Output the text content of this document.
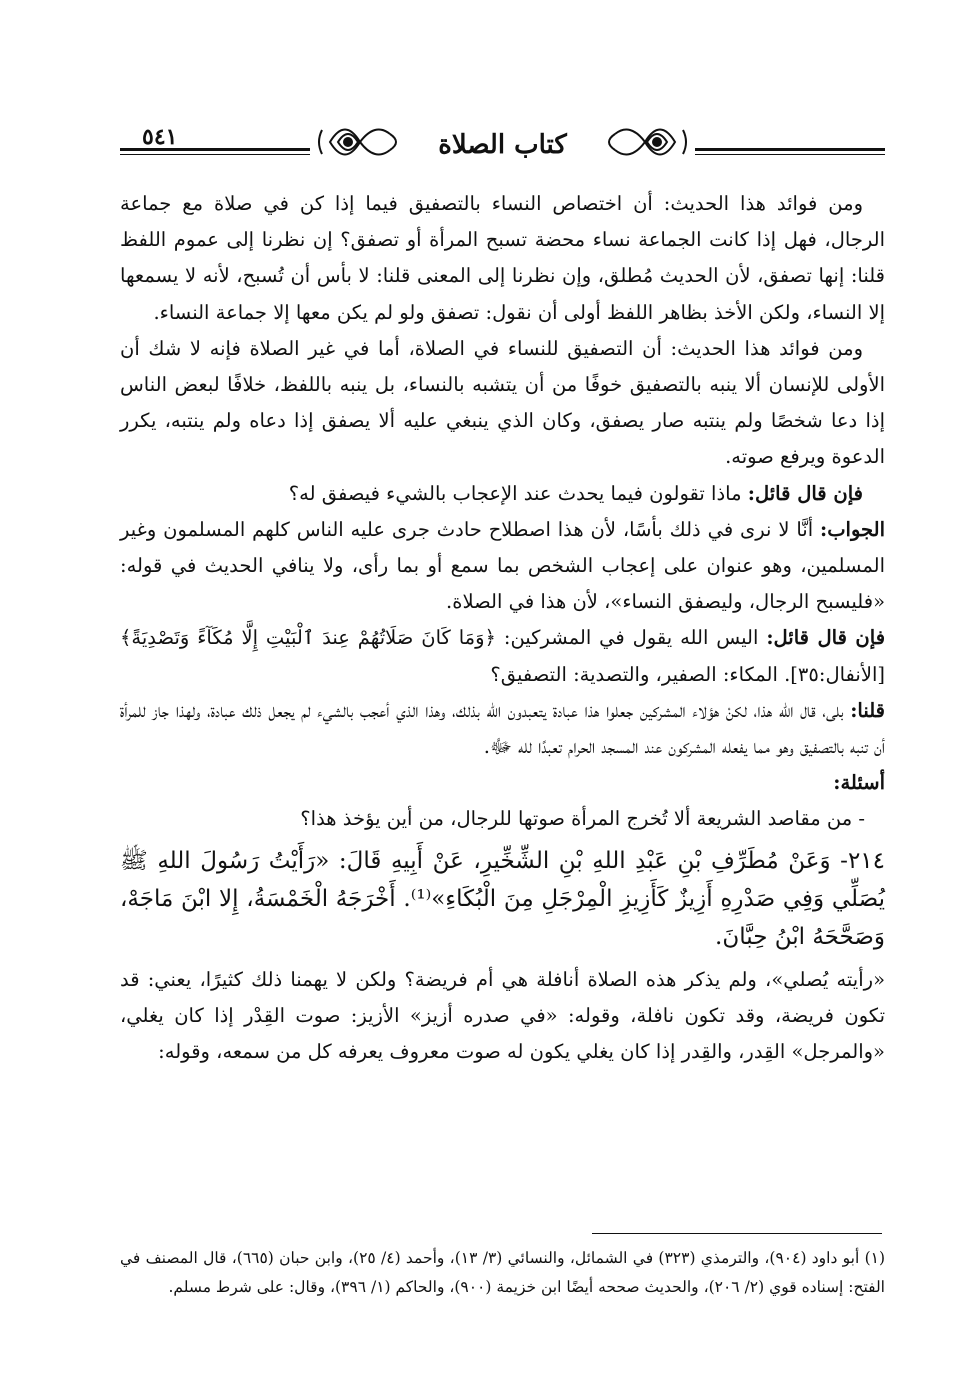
كتاب الصلاة
٥٤١

ومن فوائد هذا الحديث: أن اختصاص النساء بالتصفيق فيما إذا كن في صلاة مع جماعة الرجال، فهل إذا كانت الجماعة نساء محضة تسبح المرأة أو تصفق؟ إن نظرنا إلى عموم اللفظ قلنا: إنها تصفق، لأن الحديث مُطلق، وإن نظرنا إلى المعنى قلنا: لا بأس أن تُسبح، لأنه لا يسمعها إلا النساء، ولكن الأخذ بظاهر اللفظ أولى أن نقول: تصفق ولو لم يكن معها إلا جماعة النساء.

ومن فوائد هذا الحديث: أن التصفيق للنساء في الصلاة، أما في غير الصلاة فإنه لا شك أن الأولى للإنسان ألا ينبه بالتصفيق خوفًا من أن يتشبه بالنساء، بل ينبه باللفظ، خلافًا لبعض الناس إذا دعا شخصًا ولم ينتبه صار يصفق، وكان الذي ينبغي عليه ألا يصفق إذا دعاه ولم ينتبه، يكرر الدعوة ويرفع صوته.

فإن قال قائل: ماذا تقولون فيما يحدث عند الإعجاب بالشيء فيصفق له؟

الجواب: أنَّا لا نرى في ذلك بأسًا، لأن هذا اصطلاح حادث جرى عليه الناس كلهم المسلمون وغير المسلمين، وهو عنوان على إعجاب الشخص بما سمع أو بما رأى، ولا ينافي الحديث في قوله: «فليسبح الرجال، وليصفق النساء»، لأن هذا في الصلاة.

فإن قال قائل: اليس الله يقول في المشركين: ﴿وَمَا كَانَ صَلَاتُهُمْ عِندَ ٱلْبَيْتِ إِلَّا مُكَآءً وَتَصْدِيَةً﴾ [الأنفال:٣٥]. المكاء: الصفير، والتصدية: التصفيق؟

قلنا: بلى، قال الله هذا، لكنْ هؤلاء المشركين جعلوا هذا عبادة يتعبدون الله بذلك، وهذا الذي أعجب بالشيء لم يجعل ذلك عبادة، ولهذا جاز للمرأة أن تنبه بالتصفيق وهو مما يفعله المشركون عند المسجد الحرام تعبدًا لله ﷻ.

أسئلة:

- من مقاصد الشريعة ألا تُخرج المرأة صوتها للرجال، من أين يؤخذ هذا؟

٢١٤- وَعَنْ مُطَرِّفِ بْنِ عَبْدِ اللهِ بْنِ الشِّخِّيرِ، عَنْ أَبِيهِ قَالَ: «رَأَيْتُ رَسُولَ اللهِ ﷺ يُصَلِّي وَفِي صَدْرِهِ أَزِيزٌ كَأَزِيزِ الْمِرْجَلِ مِنَ الْبُكَاءِ»⁽¹⁾. أَخْرَجَهُ الْخَمْسَةُ، إِلا ابْنَ مَاجَهْ، وَصَحَّحَهُ ابْنُ حِبَّانَ.

«رأيته يُصلي»، ولم يذكر هذه الصلاة أنافلة هي أم فريضة؟ ولكن لا يهمنا ذلك كثيرًا، يعني: قد تكون فريضة، وقد تكون نافلة، وقوله: «في صدره أزيز» الأزيز: صوت القِدْر إذا كان يغلي، «والمرجل» القِدر، والقِدر إذا كان يغلي يكون له صوت معروف يعرفه كل من سمعه، وقوله:

(١) أبو داود (٩٠٤)، والترمذي (٣٢٣) في الشمائل، والنسائي (٣/ ١٣)، وأحمد (٤/ ٢٥)، وابن حبان (٦٦٥)، قال المصنف في الفتح: إسناده قوي (٢/ ٢٠٦)، والحديث صححه أيضًا ابن خزيمة (٩٠٠)، والحاكم (١/ ٣٩٦)، وقال: على شرط مسلم.
